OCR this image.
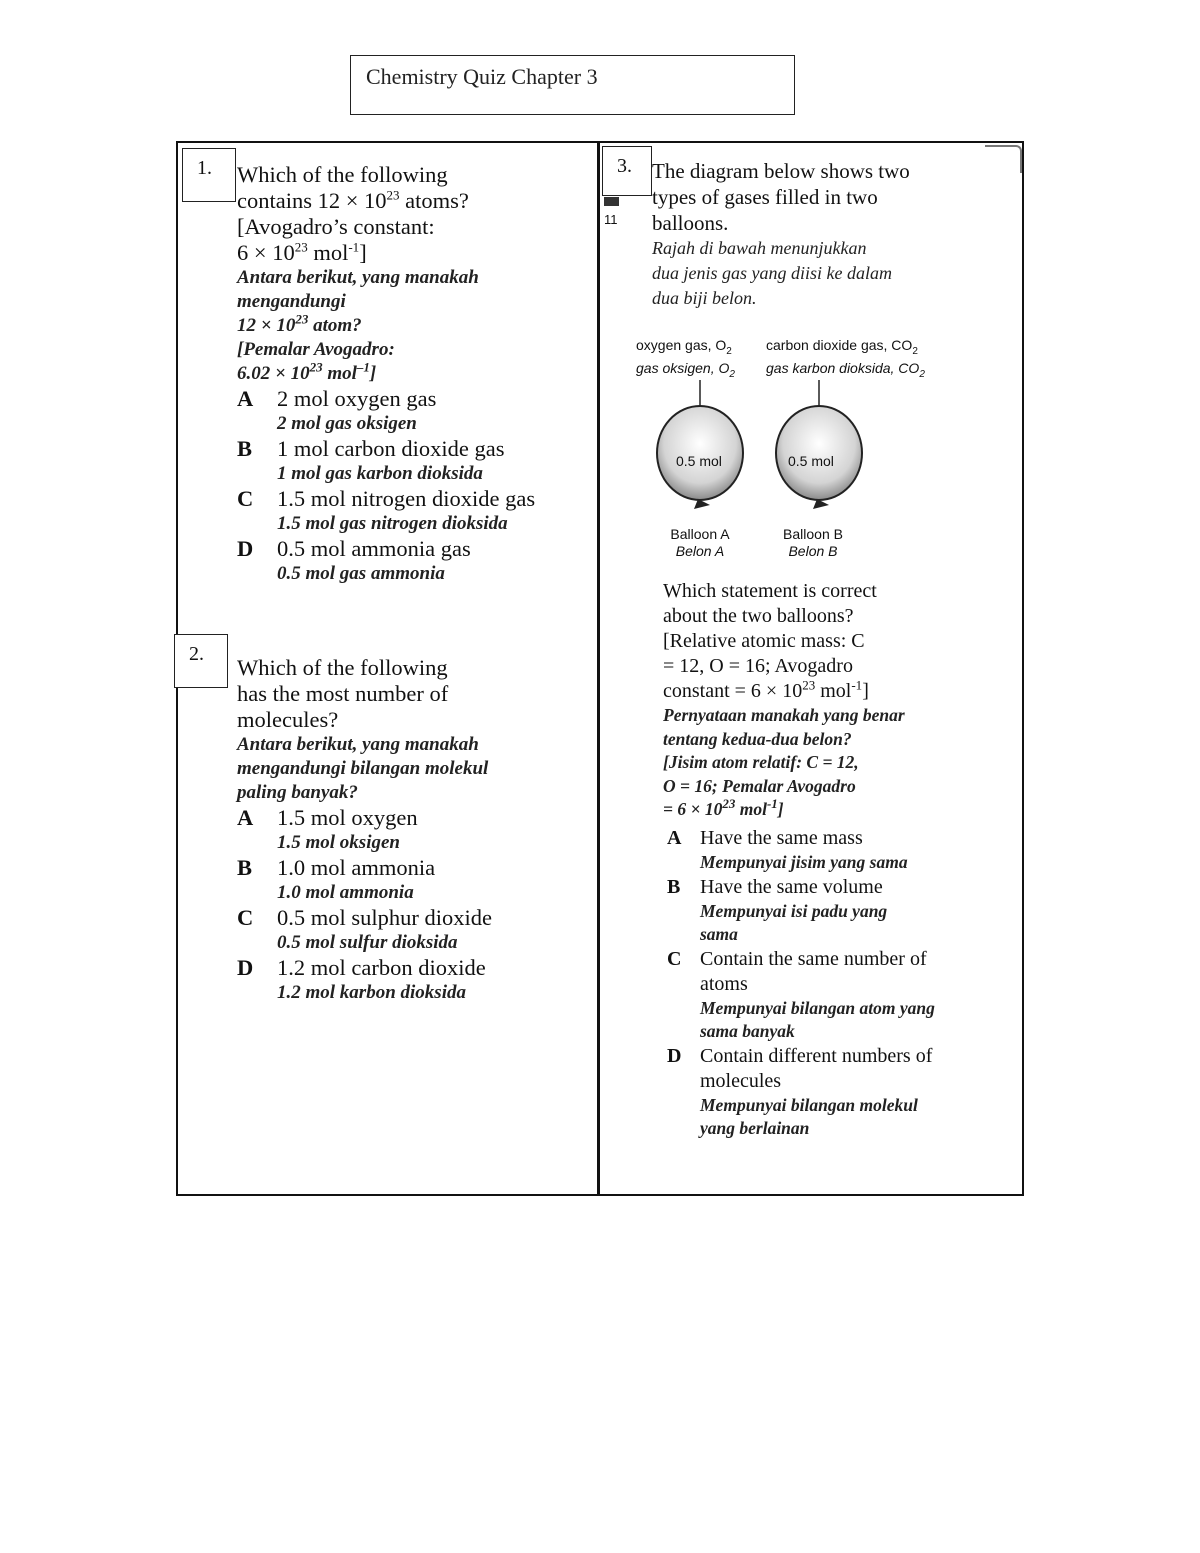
Chemistry Quiz Chapter 3
1.	Which of the following
contains $12 \times 10^{23}$ atoms?
[Avogadro’s constant:
$6 \times 10^{23}$ mol$^{-1}$]
Antara berikut, yang manakah
mengandungi
$12 \times 10^{23}$ atom?
[Pemalar Avogadro:
$6.02 \times 10^{23}$ mol$^{-1}$]
A 2 mol oxygen gas
2 mol gas oksigen
B 1 mol carbon dioxide gas
1 mol gas karbon dioksida
C 1.5 mol nitrogen dioxide gas
1.5 mol gas nitrogen dioksida
D 0.5 mol ammonia gas
0.5 mol gas ammonia
2.
Which of the following
has the most number of
molecules?
Antara berikut, yang manakah
mengandungi bilangan molekul
paling banyak?
A 1.5 mol oxygen
1.5 mol oksigen
B 1.0 mol ammonia
1.0 mol ammonia
C 0.5 mol sulphur dioxide
0.5 mol sulfur dioksida
D 1.2 mol carbon dioxide
1.2 mol karbon dioksida
3.
11
The diagram below shows two
types of gases filled in two
balloons.
Rajah di bawah menunjukkan
dua jenis gas yang diisi ke dalam
dua biji belon.
oxygen gas, $O_2$
gas oksigen, $O_2$
carbon dioxide gas, $CO_2$
gas karbon dioksida, $CO_2$
0.5 mol	0.5 mol
Balloon A
Belon A
Balloon B
Belon B
Which statement is correct
about the two balloons?
[Relative atomic mass: C
= 12, O = 16; Avogadro
constant = $6 \times 10^{23}$ mol$^{-1}$]
Pernyataan manakah yang benar
tentang kedua-dua belon?
[Jisim atom relatif: C = 12,
O = 16; Pemalar Avogadro
= $6 \times 10^{23}$ mol$^{-1}$]
A Have the same mass
Mempunyai jisim yang sama
B Have the same volume
Mempunyai isi padu yang sama
C Contain the same number of atoms
Mempunyai bilangan atom yang sama banyak
D Contain different numbers of molecules
Mempunyai bilangan molekul yang berlainan
